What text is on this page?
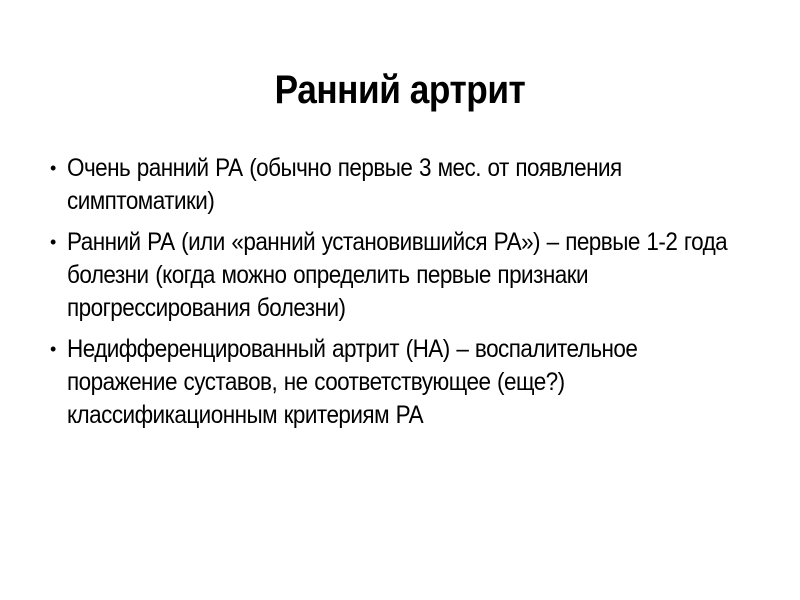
Ранний артрит
• Очень ранний РА (обычно первые 3 мес. от появления симптоматики)
• Ранний РА (или «ранний установившийся РА») – первые 1-2 года болезни (когда можно определить первые признаки прогрессирования болезни)
• Недифференцированный артрит (НА) – воспалительное поражение суставов, не соответствующее (еще?) классификационным критериям РА
